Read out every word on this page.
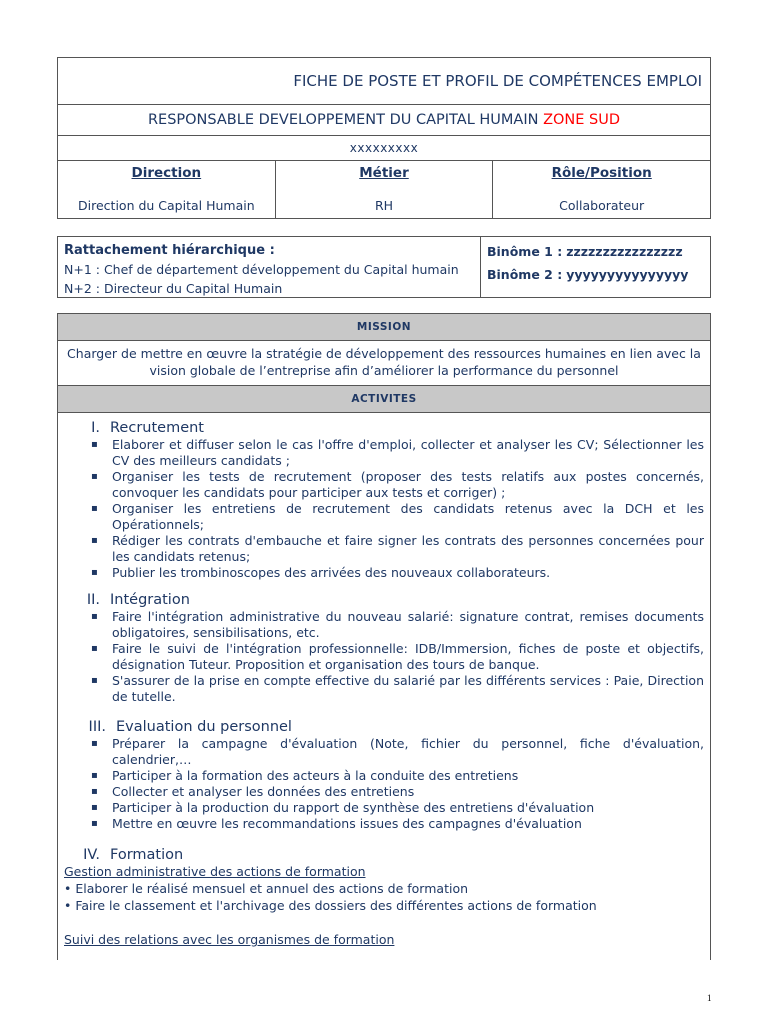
FICHE DE POSTE ET PROFIL DE COMPÉTENCES EMPLOI
RESPONSABLE DEVELOPPEMENT DU CAPITAL HUMAIN
ZONE SUD
xxxxxxxxx
Direction
Direction du Capital Humain
Métier
RH
Rôle/Position
Collaborateur
Rattachement hiérarchique :
N+1 : Chef de département développement du Capital humain
N+2 : Directeur du Capital Humain
Binôme 1 : zzzzzzzzzzzzzzzz
Binôme 2 : yyyyyyyyyyyyyyy
MISSION
Charger de mettre en œuvre la stratégie de développement des ressources humaines en lien avec la vision globale de l’entreprise afin d’améliorer la performance du personnel
ACTIVITES
I. Recrutement
▪ Elaborer et diffuser selon le cas l'offre d'emploi, collecter et analyser les CV; Sélectionner les CV des meilleurs candidats ;
▪ Organiser les tests de recrutement (proposer des tests relatifs aux postes concernés, convoquer les candidats pour participer aux tests et corriger) ;
▪ Organiser les entretiens de recrutement des candidats retenus avec la DCH et les Opérationnels;
▪ Rédiger les contrats d'embauche et faire signer les contrats des personnes concernées pour les candidats retenus;
▪ Publier les trombinoscopes des arrivées des nouveaux collaborateurs.
II. Intégration
▪ Faire l'intégration administrative du nouveau salarié: signature contrat, remises documents obligatoires, sensibilisations, etc.
▪ Faire le suivi de l'intégration professionnelle: IDB/Immersion, fiches de poste et objectifs, désignation Tuteur. Proposition et organisation des tours de banque.
▪ S'assurer de la prise en compte effective du salarié par les différents services : Paie, Direction de tutelle.
III. Evaluation du personnel
▪ Préparer la campagne d'évaluation (Note, fichier du personnel, fiche d'évaluation, calendrier,…
▪ Participer à la formation des acteurs à la conduite des entretiens
▪ Collecter et analyser les données des entretiens
▪ Participer à la production du rapport de synthèse des entretiens d'évaluation
▪ Mettre en œuvre les recommandations issues des campagnes d'évaluation
IV. Formation
Gestion administrative des actions de formation
• Elaborer le réalisé mensuel et annuel des actions de formation
• Faire le classement et l'archivage des dossiers des différentes actions de formation
Suivi des relations avec les organismes de formation
1
